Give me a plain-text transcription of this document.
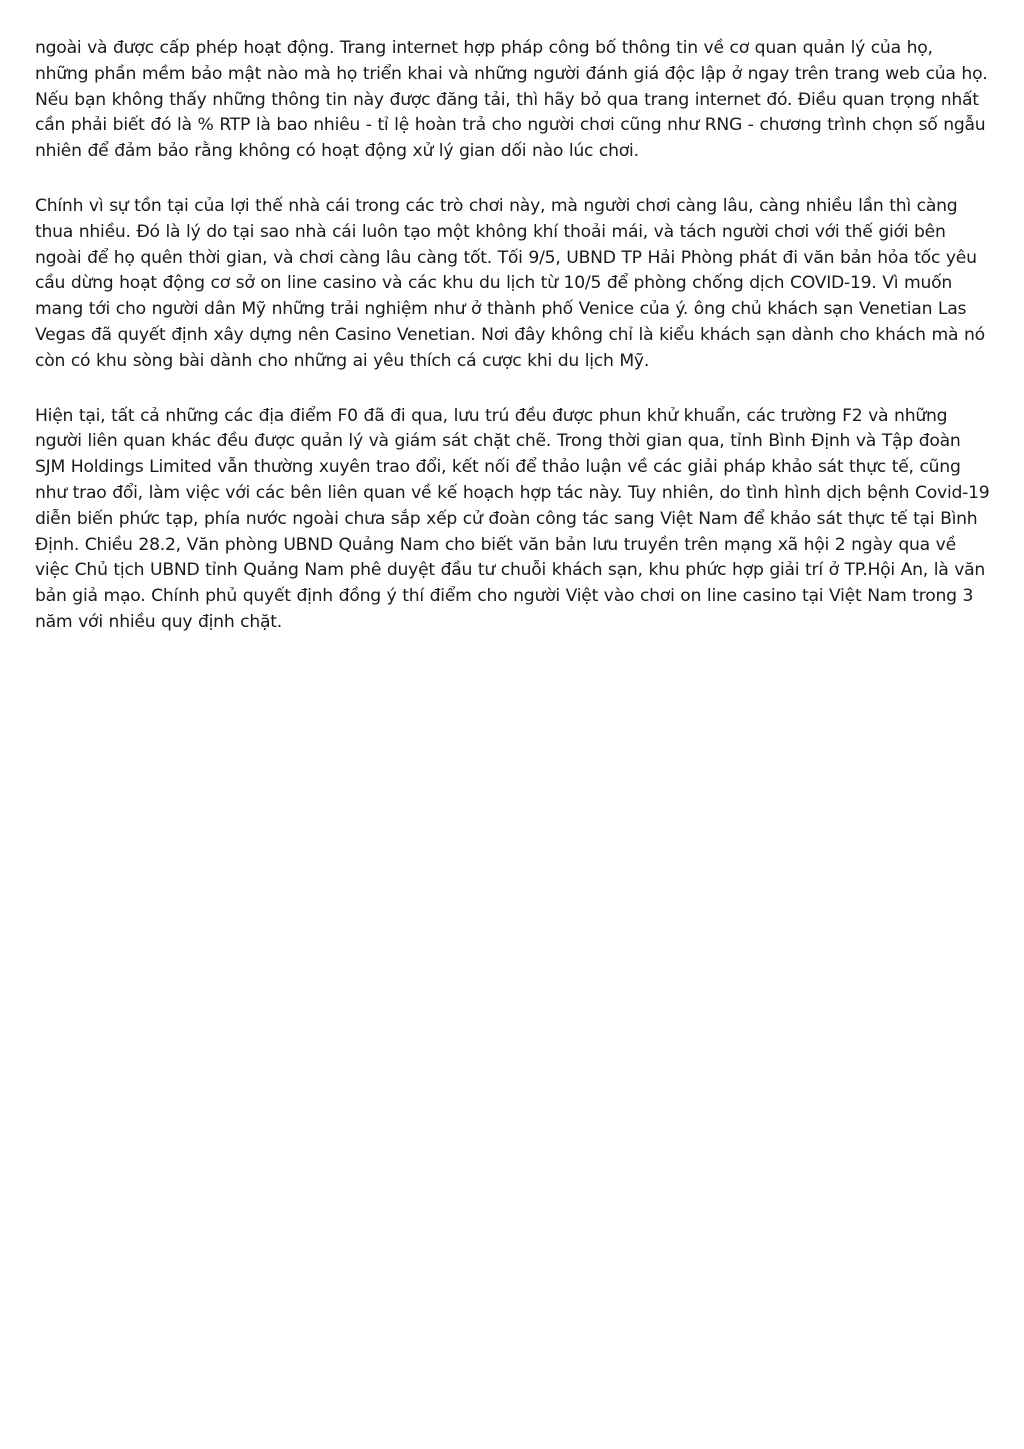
ngoài và được cấp phép hoạt động. Trang internet hợp pháp công bố thông tin về cơ quan quản lý của họ, những phần mềm bảo mật nào mà họ triển khai và những người đánh giá độc lập ở ngay trên trang web của họ. Nếu bạn không thấy những thông tin này được đăng tải, thì hãy bỏ qua trang internet đó. Điều quan trọng nhất cần phải biết đó là % RTP là bao nhiêu - tỉ lệ hoàn trả cho người chơi cũng như RNG - chương trình chọn số ngẫu nhiên để đảm bảo rằng không có hoạt động xử lý gian dối nào lúc chơi.

Chính vì sự tồn tại của lợi thế nhà cái trong các trò chơi này, mà người chơi càng lâu, càng nhiều lần thì càng thua nhiều. Đó là lý do tại sao nhà cái luôn tạo một không khí thoải mái, và tách người chơi với thế giới bên ngoài để họ quên thời gian, và chơi càng lâu càng tốt. Tối 9/5, UBND TP Hải Phòng phát đi văn bản hỏa tốc yêu cầu dừng hoạt động cơ sở on line casino và các khu du lịch từ 10/5 để phòng chống dịch COVID-19. Vì muốn mang tới cho người dân Mỹ những trải nghiệm như ở thành phố Venice của ý. ông chủ khách sạn Venetian Las Vegas đã quyết định xây dựng nên Casino Venetian. Nơi đây không chỉ là kiểu khách sạn dành cho khách mà nó còn có khu sòng bài dành cho những ai yêu thích cá cược khi du lịch Mỹ.

Hiện tại, tất cả những các địa điểm F0 đã đi qua, lưu trú đều được phun khử khuẩn, các trường F2 và những người liên quan khác đều được quản lý và giám sát chặt chẽ. Trong thời gian qua, tỉnh Bình Định và Tập đoàn SJM Holdings Limited vẫn thường xuyên trao đổi, kết nối để thảo luận về các giải pháp khảo sát thực tế, cũng như trao đổi, làm việc với các bên liên quan về kế hoạch hợp tác này. Tuy nhiên, do tình hình dịch bệnh Covid-19 diễn biến phức tạp, phía nước ngoài chưa sắp xếp cử đoàn công tác sang Việt Nam để khảo sát thực tế tại Bình Định. Chiều 28.2, Văn phòng UBND Quảng Nam cho biết văn bản lưu truyền trên mạng xã hội 2 ngày qua về việc Chủ tịch UBND tỉnh Quảng Nam phê duyệt đầu tư chuỗi khách sạn, khu phức hợp giải trí ở TP.Hội An, là văn bản giả mạo. Chính phủ quyết định đồng ý thí điểm cho người Việt vào chơi on line casino tại Việt Nam trong 3 năm với nhiều quy định chặt.
